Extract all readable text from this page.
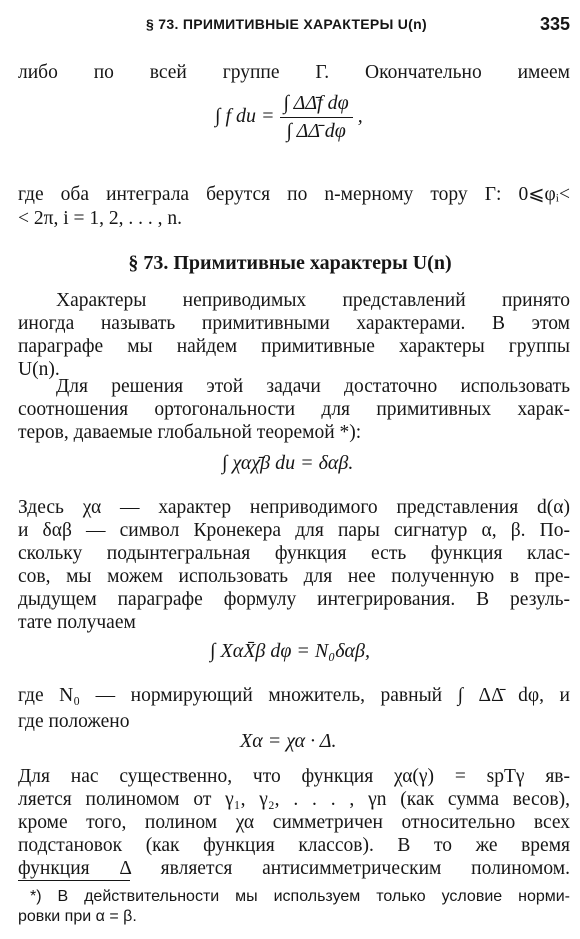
§ 73. ПРИМИТИВНЫЕ ХАРАКТЕРЫ U(n)	335
либо по всей группе Γ. Окончательно имеем
∫ f du = $\frac{\text{∫ ΔΔ̄f dφ}}{\int \Delta\Deltā d\varphi}$ ,
где оба интеграла берутся по n-мерному тору Γ: 0⩽φᵢ<
< 2π, i = 1, 2, . . . , n.
§ 73. Примитивные характеры U(n)
Характеры неприводимых представлений принято
иногда называть примитивными характерами. В этом
параграфе мы найдем примитивные характеры группы
U(n).
Для решения этой задачи достаточно использовать
соотношения ортогональности для примитивных харак-
теров, даваемые глобальной теоремой *):
∫ χαχ̄β du = δαβ.
Здесь χα — характер неприводимого представления d(α)
и δαβ — символ Кронекера для пары сигнатур α, β. По-
скольку подынтегральная функция есть функция клас-
сов, мы можем использовать для нее полученную в пре-
дыдущем параграфе формулу интегрирования. В резуль-
тате получаем
∫ XαX̄β dφ = N₀δαβ,
где N₀ — нормирующий множитель, равный ∫ ΔΔ̄ dφ, и
где положено
Xα = χα · Δ.
Для нас существенно, что функция χα(γ) = spTγ яв-
ляется полиномом от γ₁, γ₂, . . . , γn (как сумма весов),
кроме того, полином χα симметричен относительно всех
подстановок (как функция классов). В то же время
функция Δ является антисимметрическим полиномом.
*) В действительности мы используем только условие норми-
ровки при α = β.
